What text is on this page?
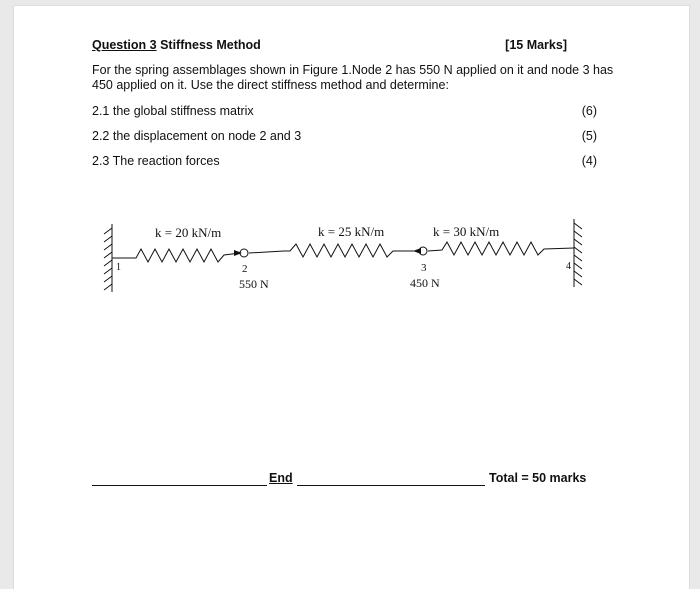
Question 3 Stiffness Method	[15 Marks]
For the spring assemblages shown in Figure 1.Node 2 has 550 N applied on it and node 3 has 450 applied on it. Use the direct stiffness method and determine:
2.1 the global stiffness matrix	(6)
2.2 the displacement on node 2 and 3	(5)
2.3 The reaction forces	(4)
k = 20 kN/m	k = 25 kN/m	k = 30 kN/m
1	2
550 N
3
450 N
4
End	Total = 50 marks
